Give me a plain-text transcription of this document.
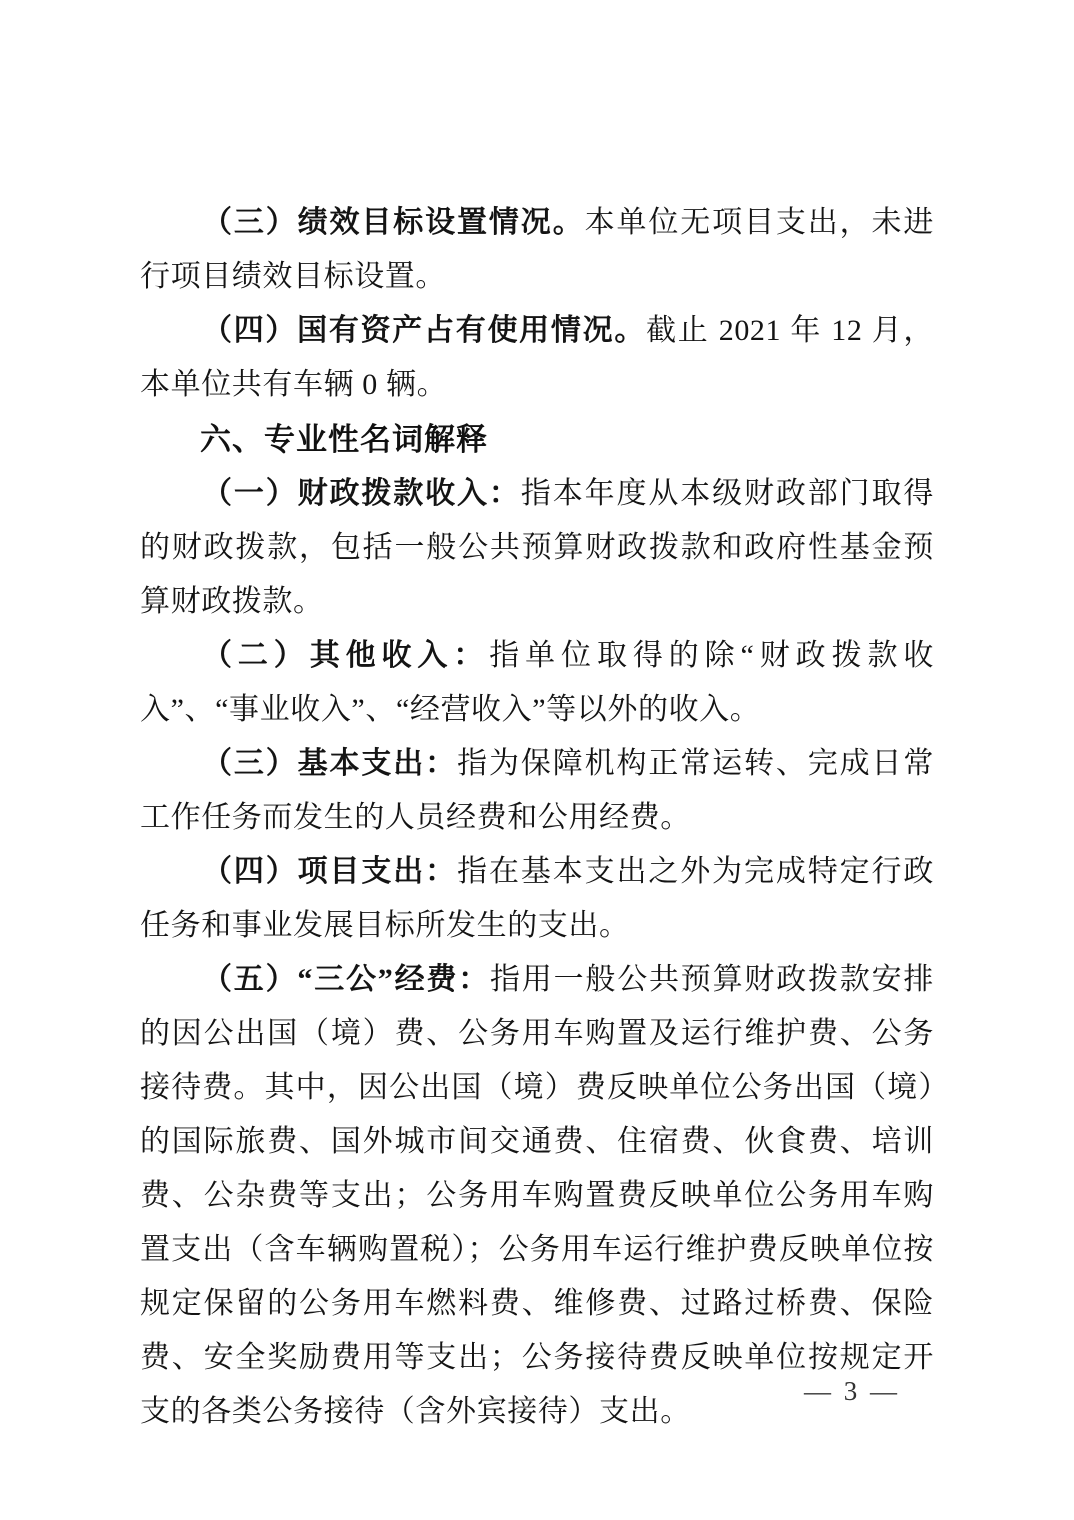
（三）绩效目标设置情况。本单位无项目支出，未进行项目绩效目标设置。

（四）国有资产占有使用情况。截止 2021 年 12 月，本单位共有车辆 0 辆。

六、专业性名词解释

（一）财政拨款收入：指本年度从本级财政部门取得的财政拨款，包括一般公共预算财政拨款和政府性基金预算财政拨款。

（二）其他收入：指单位取得的除“财政拨款收入”、“事业收入”、“经营收入”等以外的收入。

（三）基本支出：指为保障机构正常运转、完成日常工作任务而发生的人员经费和公用经费。

（四）项目支出：指在基本支出之外为完成特定行政任务和事业发展目标所发生的支出。

（五）“三公”经费：指用一般公共预算财政拨款安排的因公出国（境）费、公务用车购置及运行维护费、公务接待费。其中，因公出国（境）费反映单位公务出国（境）的国际旅费、国外城市间交通费、住宿费、伙食费、培训费、公杂费等支出；公务用车购置费反映单位公务用车购置支出（含车辆购置税）；公务用车运行维护费反映单位按规定保留的公务用车燃料费、维修费、过路过桥费、保险费、安全奖励费用等支出；公务接待费反映单位按规定开支的各类公务接待（含外宾接待）支出。

— 3 —
